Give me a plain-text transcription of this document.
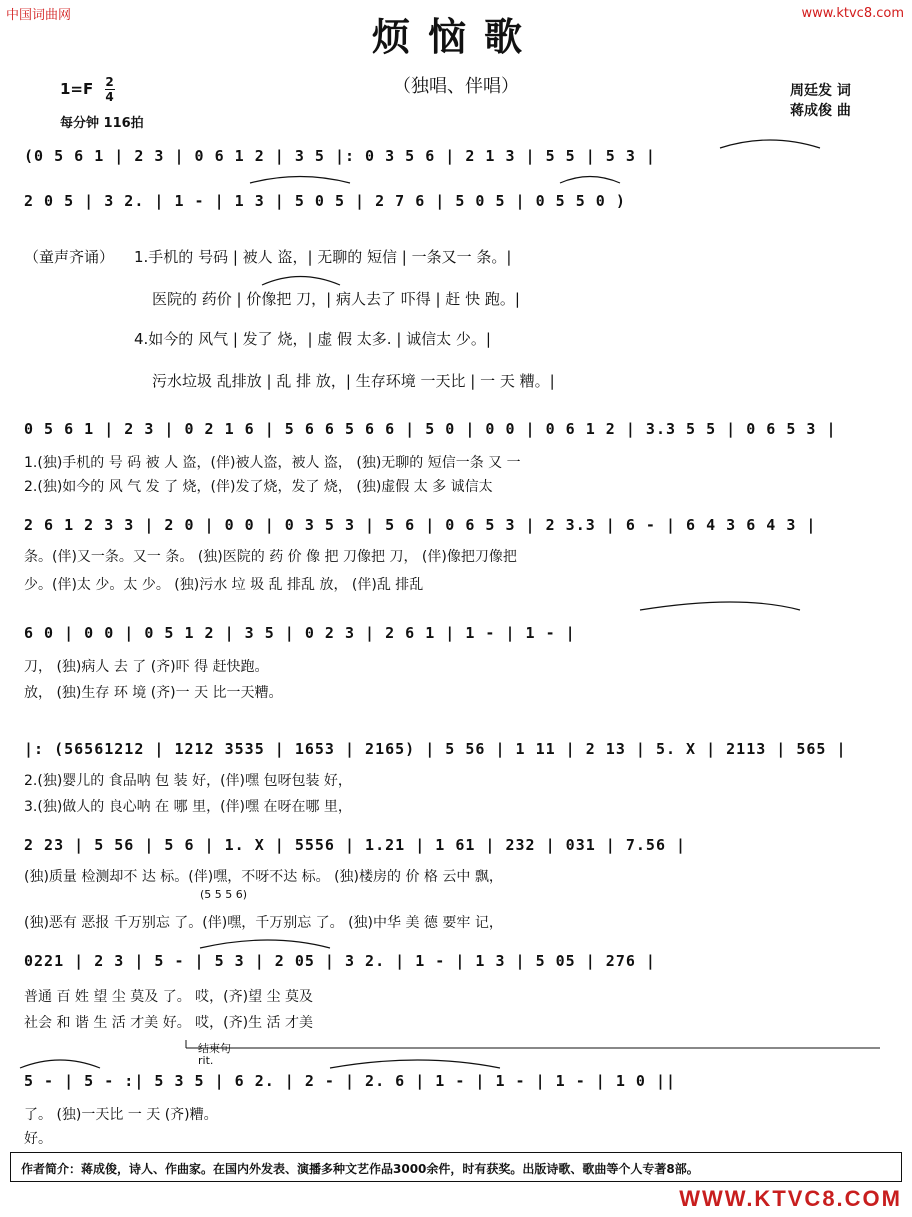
中国词曲网	www.ktvc8.com
烦恼歌
（独唱、伴唱）
$1=F \frac{2}{4}$
每分钟 116拍
周廷发 词
蒋成俊 曲
(0 5 6 1 | 2 3 | 0 6 1 2 | 3 5 |: 0 3 5 6 | 2 1 3 | 5 5 | 5 3 |
2 0 5 | 3 2. | 1 - | 1 3 | 5 0 5 | 2 7 6 | 5 0 5 | 0 5 5 0 )
（童声齐诵） 1.手机的 号码 | 被人 盗，| 无聊的 短信 | 一条又一 条。|
医院的 药价 | 价像把 刀，| 病人去了 吓得 | 赶 快 跑。|
4.如今的 风气 | 发了 烧，| 虚 假 太多. | 诚信太 少。|
污水垃圾 乱排放 | 乱 排 放，| 生存环境 一天比 | 一 天 糟。|
0 5 6 1 | 2 3 | 0 2 1 6 | 5 6 6 5 6 6 | 5 0 | 0 0 | 0 6 1 2 | 3.3 5 5 | 0 6 5 3 |
1.(独)手机的 号 码 被 人 盗，(伴)被人盗，被人 盗， (独)无聊的 短信一条 又 一
2.(独)如今的 风 气 发 了 烧，(伴)发了烧，发了 烧， (独)虚假 太 多 诚信太
2 6 1 2 3 3 | 2 0 | 0 0 | 0 3 5 3 | 5 6 | 0 6 5 3 | 2 3.3 | 6 - | 6 4 3 6 4 3 |
条。(伴)又一条。又一 条。 (独)医院的 药 价 像 把 刀像把 刀， (伴)像把刀像把
少。(伴)太 少。太 少。 (独)污水 垃 圾 乱 排乱 放， (伴)乱 排乱
6 0 | 0 0 | 0 5 1 2 | 3 5 | 0 2 3 | 2 6 1 | 1 - | 1 - |
刀， (独)病人 去 了 (齐)吓 得 赶快跑。
放， (独)生存 环 境 (齐)一 天 比一天糟。
|: (56561212 | 1212 3535 | 1653 | 2165) | 5 56 | 1 11 | 2 13 | 5. X | 2113 | 565 |
2.(独)婴儿的 食品呐 包 装 好，(伴)嘿 包呀包装 好，
3.(独)做人的 良心呐 在 哪 里，(伴)嘿 在呀在哪 里，
2 23 | 5 56 | 5 6 | 1. X | 5556 | 1.21 | 1 61 | 232 | 031 | 7.56 |
(独)质量 检测却不 达 标。(伴)嘿，不呀不达 标。 (独)楼房的 价 格 云中 飘，
(5 5 5 6)
(独)恶有 恶报 千万别忘 了。(伴)嘿，千万别忘 了。 (独)中华 美 德 要牢 记，
0221 | 2 3 | 5 - | 5 3 | 2 05 | 3 2. | 1 - | 1 3 | 5 05 | 276 |
普通 百 姓 望 尘 莫及 了。 哎，(齐)望 尘 莫及
社会 和 谐 生 活 才美 好。 哎，(齐)生 活 才美
结束句
rit.
5 - | 5 - :| 5 3 5 | 6 2. | 2 - | 2. 6 | 1 - | 1 - | 1 - | 1 0 ||
了。 (独)一天比 一 天 (齐)糟。
好。
作者简介：蒋成俊，诗人、作曲家。在国内外发表、演播多种文艺作品3000余件，时有获奖。出版诗歌、歌曲等个人专著8部。
WWW.KTVC8.COM
